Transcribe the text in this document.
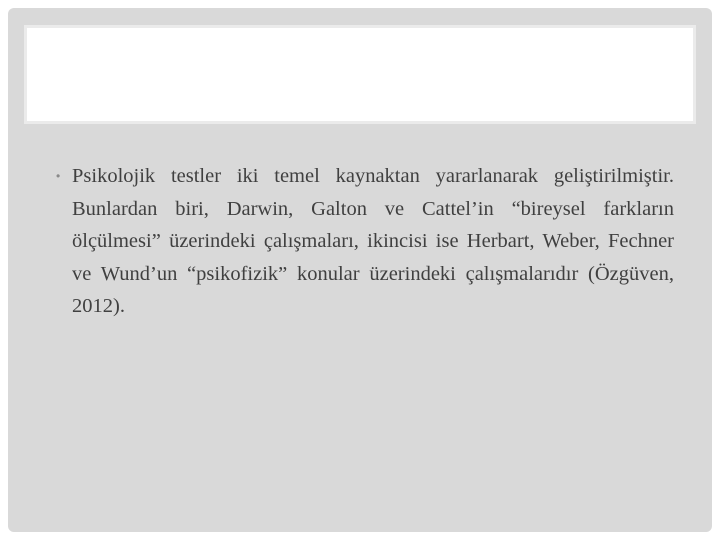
• Psikolojik testler iki temel kaynaktan yararlanarak geliştirilmiştir. Bunlardan biri, Darwin, Galton ve Cattel’in “bireysel farkların ölçülmesi” üzerindeki çalışmaları, ikincisi ise Herbart, Weber, Fechner ve Wund’un “psikofizik” konular üzerindeki çalışmalarıdır (Özgüven, 2012).
